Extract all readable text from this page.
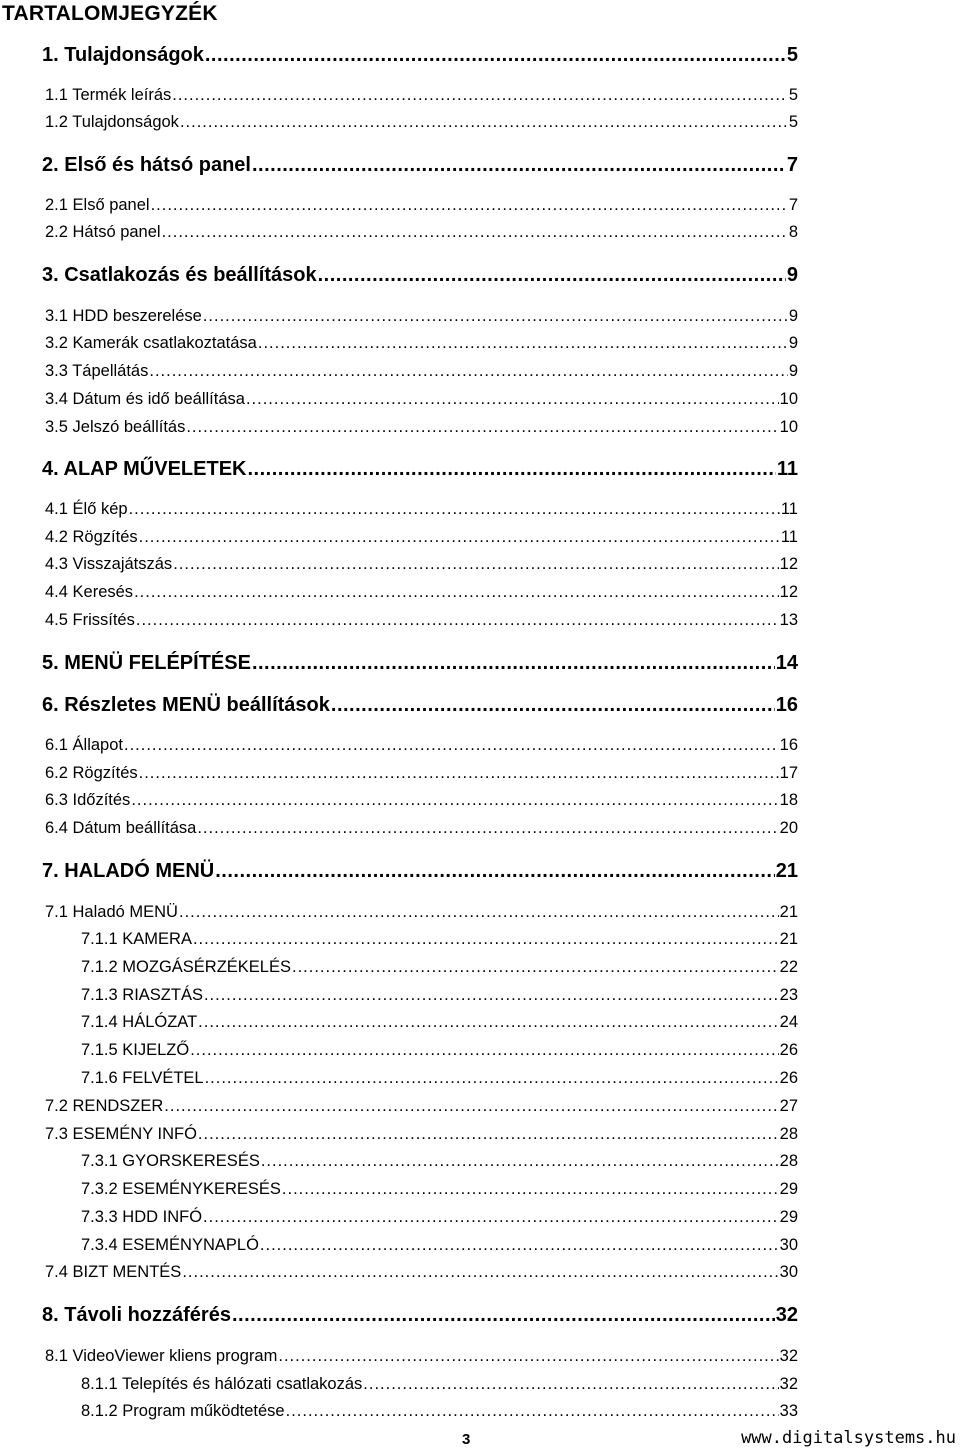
TARTALOMJEGYZÉK
1. Tulajdonságok .....	5
1.1 Termék leírás .....	5
1.2 Tulajdonságok .....	5
2. Első és hátsó panel .....	7
2.1 Első panel .....	7
2.2 Hátsó panel .....	8
3. Csatlakozás és beállítások .....	9
3.1 HDD beszerelése .....	9
3.2 Kamerák csatlakoztatása .....	9
3.3 Tápellátás .....	9
3.4 Dátum és idő beállítása .....	10
3.5 Jelszó beállítás .....	10
4. ALAP MŰVELETEK .....	11
4.1 Élő kép .....	11
4.2 Rögzítés .....	11
4.3 Visszajátszás .....	12
4.4 Keresés .....	12
4.5 Frissítés .....	13
5. MENÜ FELÉPÍTÉSE .....	14
6. Részletes MENÜ beállítások .....	16
6.1 Állapot .....	16
6.2 Rögzítés .....	17
6.3 Időzítés .....	18
6.4 Dátum beállítása .....	20
7. HALADÓ MENÜ .....	21
7.1 Haladó MENÜ .....	21
7.1.1 KAMERA .....	21
7.1.2 MOZGÁSÉRZÉKELÉS .....	22
7.1.3 RIASZTÁS .....	23
7.1.4 HÁLÓZAT .....	24
7.1.5 KIJELZŐ .....	26
7.1.6 FELVÉTEL .....	26
7.2 RENDSZER .....	27
7.3 ESEMÉNY INFÓ .....	28
7.3.1 GYORSKERESÉS .....	28
7.3.2 ESEMÉNYKERESÉS .....	29
7.3.3 HDD INFÓ .....	29
7.3.4 ESEMÉNYNAPLÓ .....	30
7.4 BIZT MENTÉS .....	30
8. Távoli hozzáférés .....	32
8.1 VideoViewer kliens program .....	32
8.1.1 Telepítés és hálózati csatlakozás .....	32
8.1.2 Program működtetése .....	33
3	www.digitalsystems.hu
